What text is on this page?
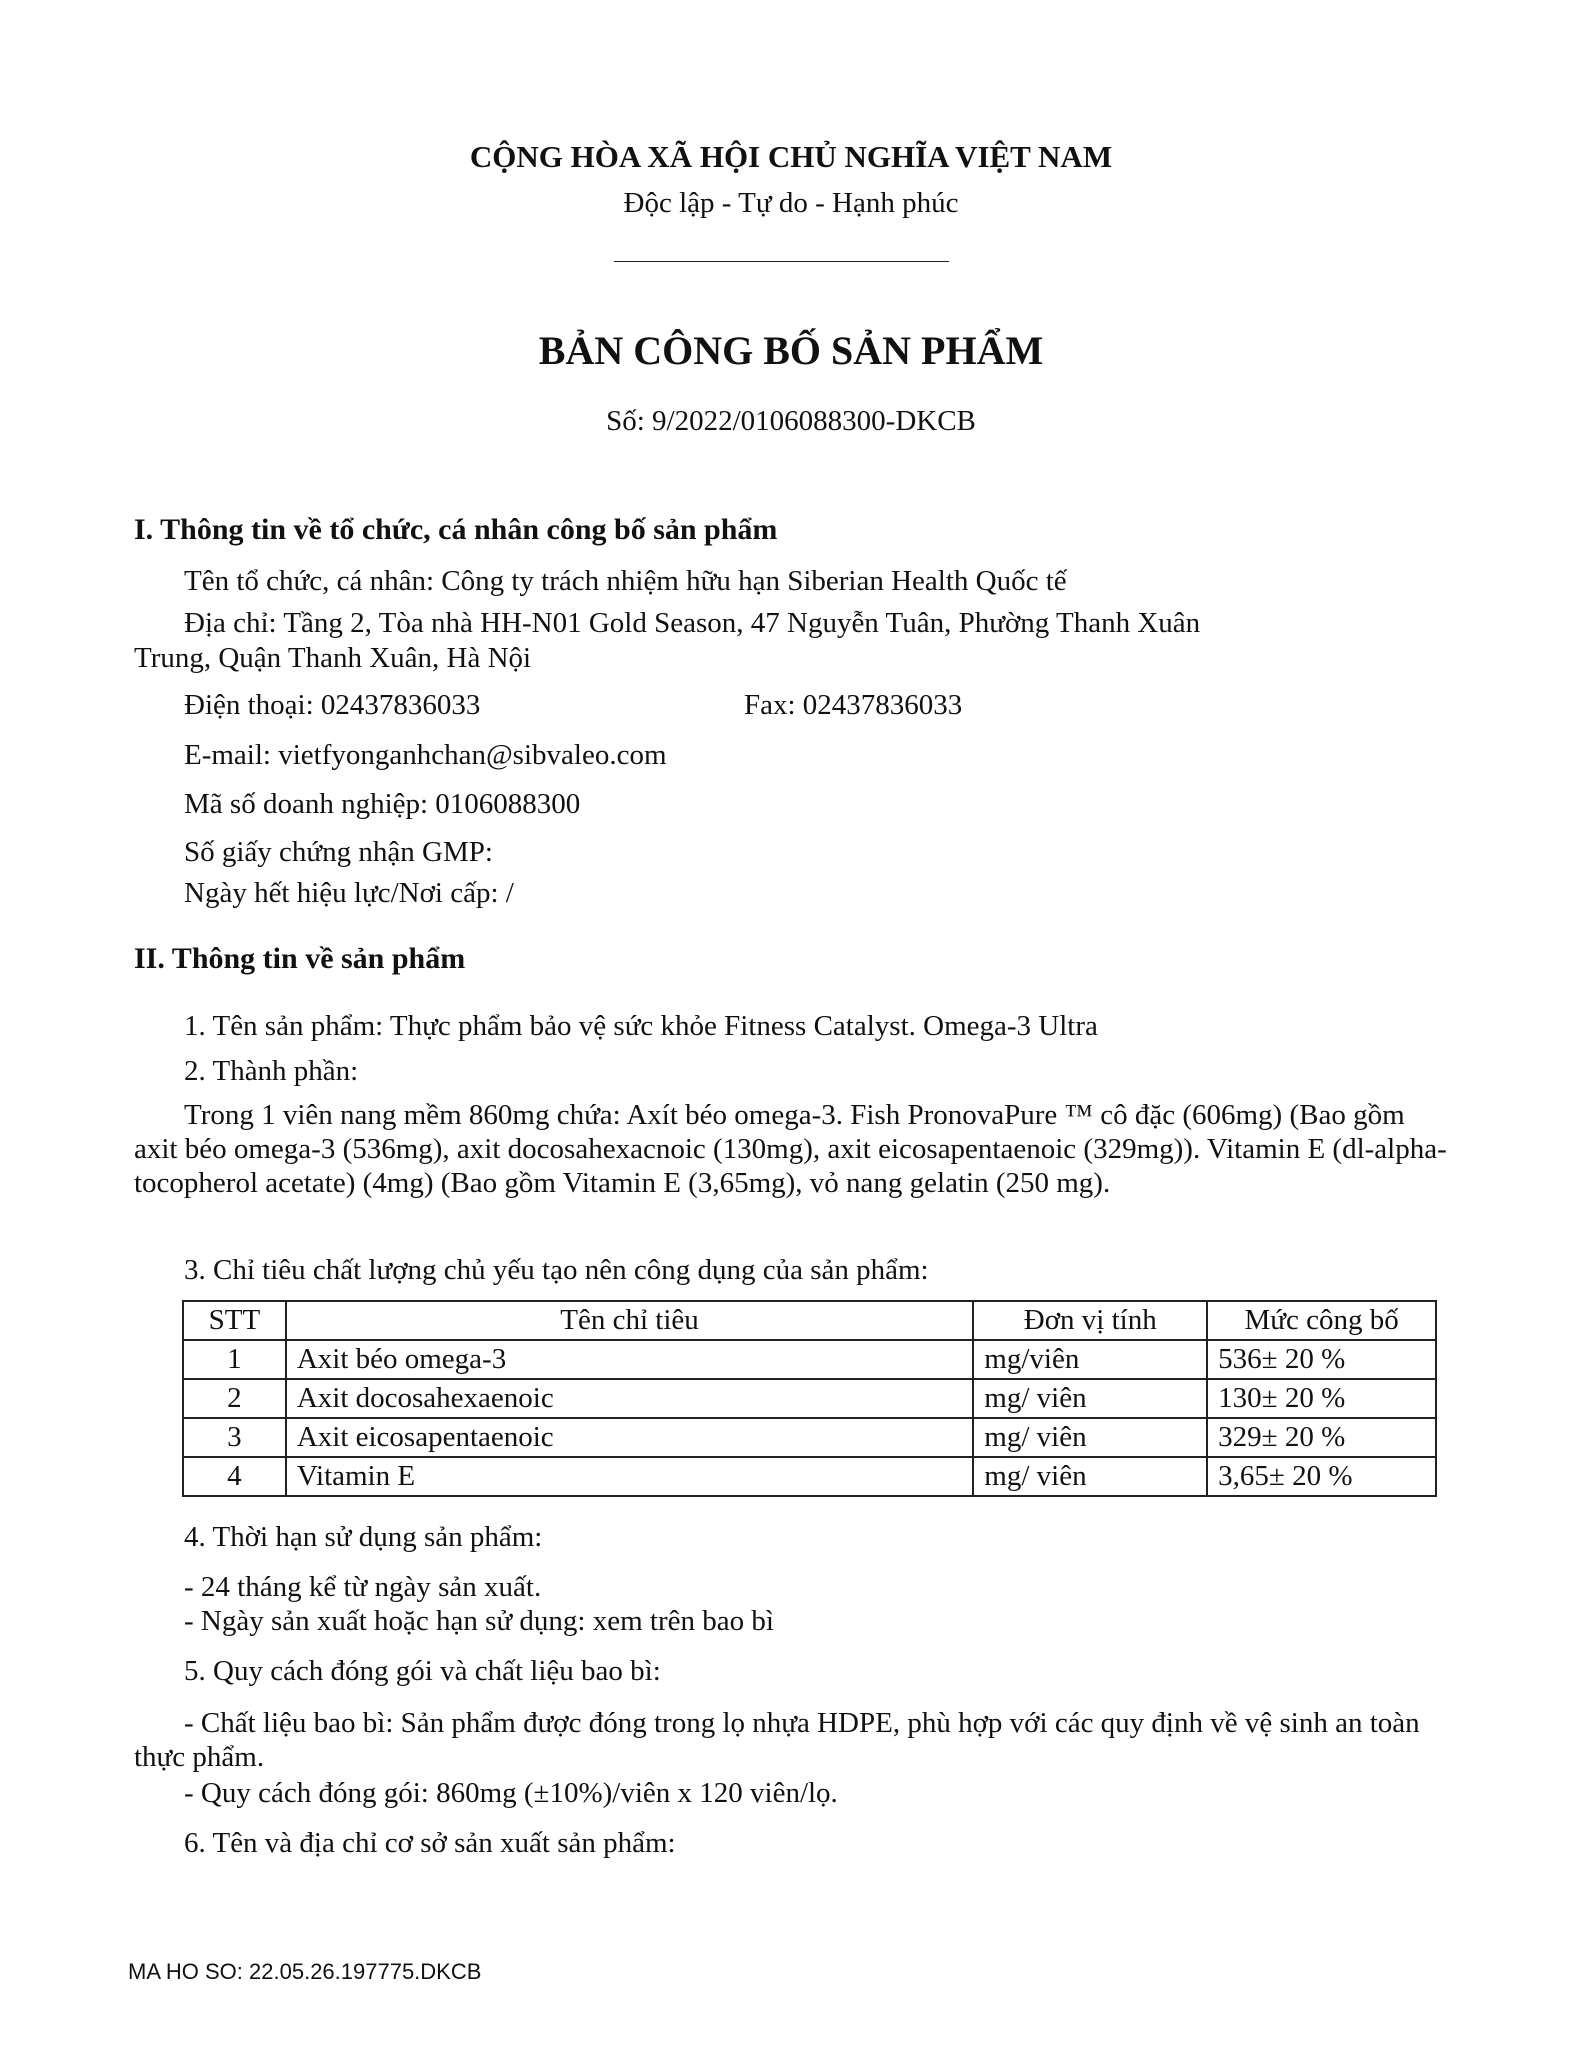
CỘNG HÒA XÃ HỘI CHỦ NGHĨA VIỆT NAM
Độc lập - Tự do - Hạnh phúc
BẢN CÔNG BỐ SẢN PHẨM
Số: 9/2022/0106088300-DKCB
I. Thông tin về tổ chức, cá nhân công bố sản phẩm
Tên tổ chức, cá nhân: Công ty trách nhiệm hữu hạn Siberian Health Quốc tế
Địa chỉ: Tầng 2, Tòa nhà HH-N01 Gold Season, 47 Nguyễn Tuân, Phường Thanh Xuân
Trung, Quận Thanh Xuân, Hà Nội
Điện thoại: 02437836033	Fax: 02437836033
E-mail: vietfyonganhchan@sibvaleo.com
Mã số doanh nghiệp: 0106088300
Số giấy chứng nhận GMP:
Ngày hết hiệu lực/Nơi cấp: /
II. Thông tin về sản phẩm
1. Tên sản phẩm: Thực phẩm bảo vệ sức khỏe Fitness Catalyst. Omega-3 Ultra
2. Thành phần:
Trong 1 viên nang mềm 860mg chứa: Axít béo omega-3. Fish PronovaPure ™ cô đặc (606mg) (Bao gồm axit béo omega-3 (536mg), axit docosahexacnoic (130mg), axit eicosapentaenoic (329mg)). Vitamin E (dl-alpha-tocopherol acetate) (4mg) (Bao gồm Vitamin E (3,65mg), vỏ nang gelatin (250 mg).
3. Chỉ tiêu chất lượng chủ yếu tạo nên công dụng của sản phẩm:
STT	Tên chỉ tiêu	Đơn vị tính	Mức công bố
1	Axit béo omega-3	mg/viên	536± 20 %
2	Axit docosahexaenoic	mg/ viên	130± 20 %
3	Axit eicosapentaenoic	mg/ viên	329± 20 %
4	Vitamin E	mg/ viên	3,65± 20 %
4. Thời hạn sử dụng sản phẩm:
- 24 tháng kể từ ngày sản xuất.
- Ngày sản xuất hoặc hạn sử dụng: xem trên bao bì
5. Quy cách đóng gói và chất liệu bao bì:
- Chất liệu bao bì: Sản phẩm được đóng trong lọ nhựa HDPE, phù hợp với các quy định về vệ sinh an toàn thực phẩm.
- Quy cách đóng gói: 860mg (±10%)/viên x 120 viên/lọ.
6. Tên và địa chỉ cơ sở sản xuất sản phẩm:
MA HO SO: 22.05.26.197775.DKCB
